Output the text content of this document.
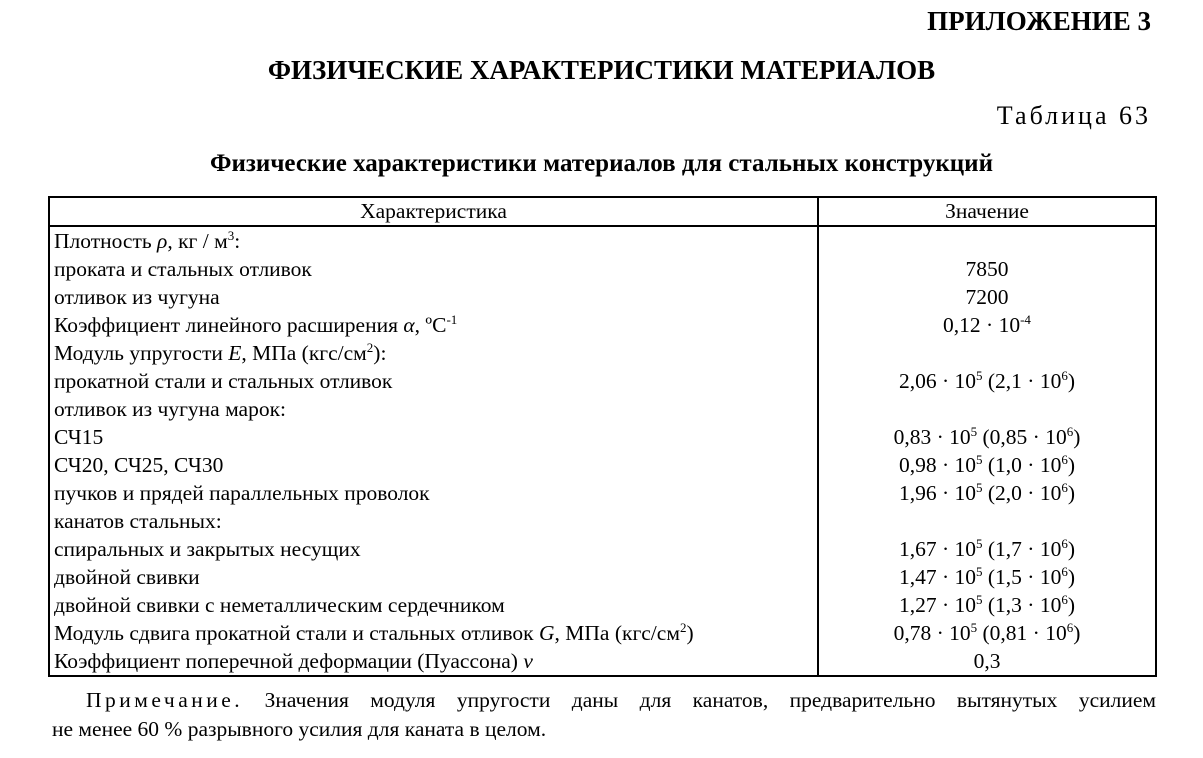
ПРИЛОЖЕНИЕ 3
ФИЗИЧЕСКИЕ ХАРАКТЕРИСТИКИ МАТЕРИАЛОВ
Таблица 63
Физические характеристики материалов для стальных конструкций
Характеристика	Значение
Плотность ρ, кг / $м^3$:	
проката и стальных отливок	7850
отливок из чугуна	7200
Коэффициент линейного расширения α, ºC$^{-1}$	$0,12 \cdot 10^{-4}$
Модуль упругости E, МПа $(кгс/см^2)$:	
прокатной стали и стальных отливок	$2,06 \cdot 10^5$ $(2,1 \cdot 10^6)$
отливок из чугуна марок:	
СЧ15	$0,83 \cdot 10^5$ $(0,85 \cdot 10^6)$
СЧ20, СЧ25, СЧ30	$0,98 \cdot 10^5$ $(1,0 \cdot 10^6)$
пучков и прядей параллельных проволок	$1,96 \cdot 10^5$ $(2,0 \cdot 10^6)$
канатов стальных:	
спиральных и закрытых несущих	$1,67 \cdot 10^5$ $(1,7 \cdot 10^6)$
двойной свивки	$1,47 \cdot 10^5$ $(1,5 \cdot 10^6)$
двойной свивки с неметаллическим сердечником	$1,27 \cdot 10^5$ $(1,3 \cdot 10^6)$
Модуль сдвига прокатной стали и стальных отливок G, МПа $(кгс/см^2)$	$0,78 \cdot 10^5$ $(0,81 \cdot 10^6)$
Коэффициент поперечной деформации (Пуассона) ν	0,3

Примечание. Значения модуля упругости даны для канатов, предварительно вытянутых усилием
не менее 60 % разрывного усилия для каната в целом.
